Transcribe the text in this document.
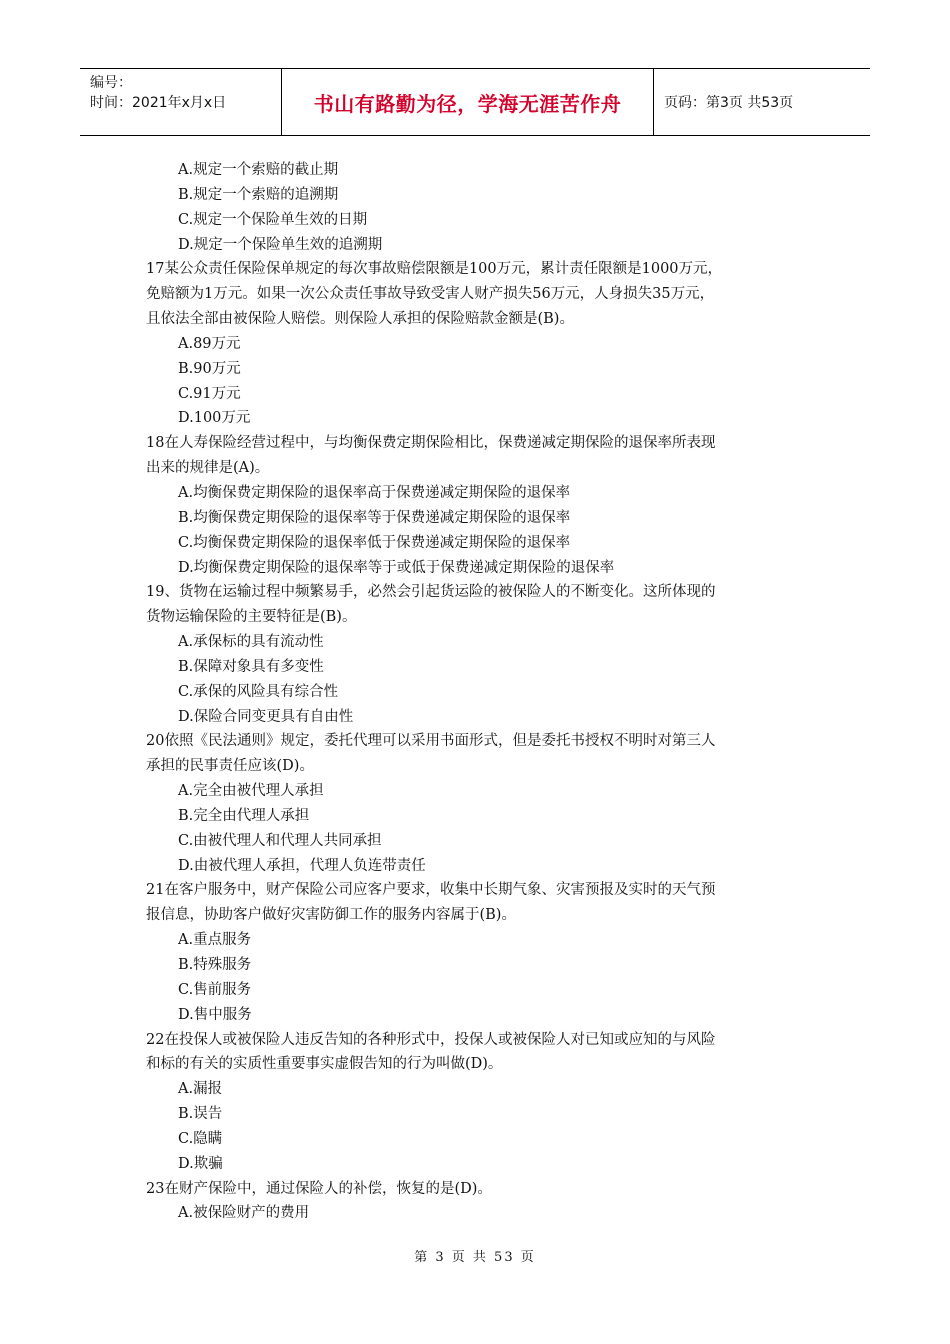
编号：
时间：2021年x月x日	书山有路勤为径，学海无涯苦作舟	页码：第3页 共53页

A.规定一个索赔的截止期

B.规定一个索赔的追溯期

C.规定一个保险单生效的日期

D.规定一个保险单生效的追溯期

17某公众责任保险保单规定的每次事故赔偿限额是100万元，累计责任限额是1000万元，

免赔额为1万元。如果一次公众责任事故导致受害人财产损失56万元，人身损失35万元，

且依法全部由被保险人赔偿。则保险人承担的保险赔款金额是(B)。

A.89万元

B.90万元

C.91万元

D.100万元

18在人寿保险经营过程中，与均衡保费定期保险相比，保费递减定期保险的退保率所表现

出来的规律是(A)。

A.均衡保费定期保险的退保率高于保费递减定期保险的退保率

B.均衡保费定期保险的退保率等于保费递减定期保险的退保率

C.均衡保费定期保险的退保率低于保费递减定期保险的退保率

D.均衡保费定期保险的退保率等于或低于保费递减定期保险的退保率

19、货物在运输过程中频繁易手，必然会引起货运险的被保险人的不断变化。这所体现的

货物运输保险的主要特征是(B)。

A.承保标的具有流动性

B.保障对象具有多变性

C.承保的风险具有综合性

D.保险合同变更具有自由性

20依照《民法通则》规定，委托代理可以采用书面形式，但是委托书授权不明时对第三人

承担的民事责任应该(D)。

A.完全由被代理人承担

B.完全由代理人承担

C.由被代理人和代理人共同承担

D.由被代理人承担，代理人负连带责任

21在客户服务中，财产保险公司应客户要求，收集中长期气象、灾害预报及实时的天气预

报信息，协助客户做好灾害防御工作的服务内容属于(B)。

A.重点服务

B.特殊服务

C.售前服务

D.售中服务

22在投保人或被保险人违反告知的各种形式中，投保人或被保险人对已知或应知的与风险

和标的有关的实质性重要事实虚假告知的行为叫做(D)。

A.漏报

B.误告

C.隐瞒

D.欺骗

23在财产保险中，通过保险人的补偿，恢复的是(D)。

A.被保险财产的费用

第 3 页 共 53 页
